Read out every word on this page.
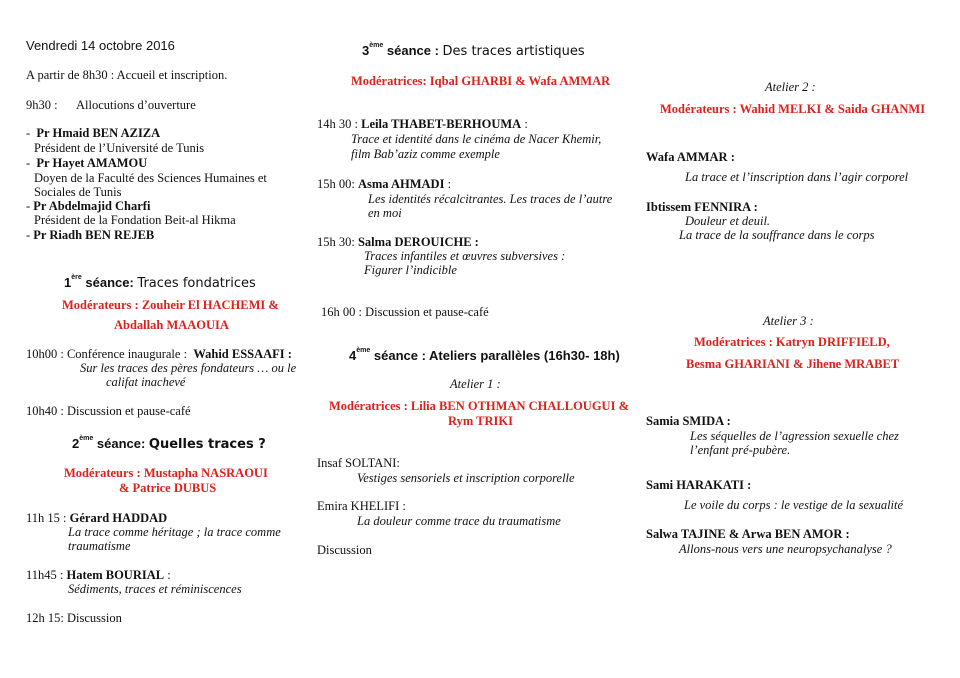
Vendredi 14 octobre 2016
A partir de 8h30 : Accueil et inscription.
9h30 : Allocutions d’ouverture
-  Pr Hmaid BEN AZIZA
Président de l’Université de Tunis
-  Pr Hayet AMAMOU
Doyen de la Faculté des Sciences Humaines et
Sociales de Tunis
- Pr Abdelmajid Charfi
Président de la Fondation Beit-al Hikma
- Pr Riadh BEN REJEB
1ère séance: Traces fondatrices
Modérateurs : Zouheir El HACHEMI &
Abdallah MAAOUIA
10h00 : Conférence inaugurale : Wahid ESSAAFI :
Sur les traces des pères fondateurs … ou le
califat inachevé
10h40 : Discussion et pause-café
2ème séance: Quelles traces ?
Modérateurs : Mustapha NASRAOUI
& Patrice DUBUS
11h 15 : Gérard HADDAD
La trace comme héritage ; la trace comme
traumatisme
11h45 : Hatem BOURIAL :
Sédiments, traces et réminiscences
12h 15: Discussion
3ème séance : Des traces artistiques
Modératrices: Iqbal GHARBI & Wafa AMMAR
14h 30 : Leila THABET-BERHOUMA :
Trace et identité dans le cinéma de Nacer Khemir,
film Bab’aziz comme exemple
15h 00: Asma AHMADI :
Les identités récalcitrantes. Les traces de l’autre
en moi
15h 30: Salma DEROUICHE :
Traces infantiles et œuvres subversives :
Figurer l’indicible
16h 00 : Discussion et pause-café
4ème séance : Ateliers parallèles (16h30- 18h)
Atelier 1 :
Modératrices : Lilia BEN OTHMAN CHALLOUGUI &
Rym TRIKI
Insaf SOLTANI:
Vestiges sensoriels et inscription corporelle
Emira KHELIFI :
La douleur comme trace du traumatisme
Discussion
Atelier 2 :
Modérateurs : Wahid MELKI & Saida GHANMI
Wafa AMMAR :
La trace et l’inscription dans l’agir corporel
Ibtissem FENNIRA :
Douleur et deuil.
La trace de la souffrance dans le corps
Atelier 3 :
Modératrices : Katryn DRIFFIELD,
Besma GHARIANI & Jihene MRABET
Samia SMIDA :
Les séquelles de l’agression sexuelle chez
l’enfant pré-pubère.
Sami HARAKATI :
Le voile du corps : le vestige de la sexualité
Salwa TAJINE & Arwa BEN AMOR :
Allons-nous vers une neuropsychanalyse ?
